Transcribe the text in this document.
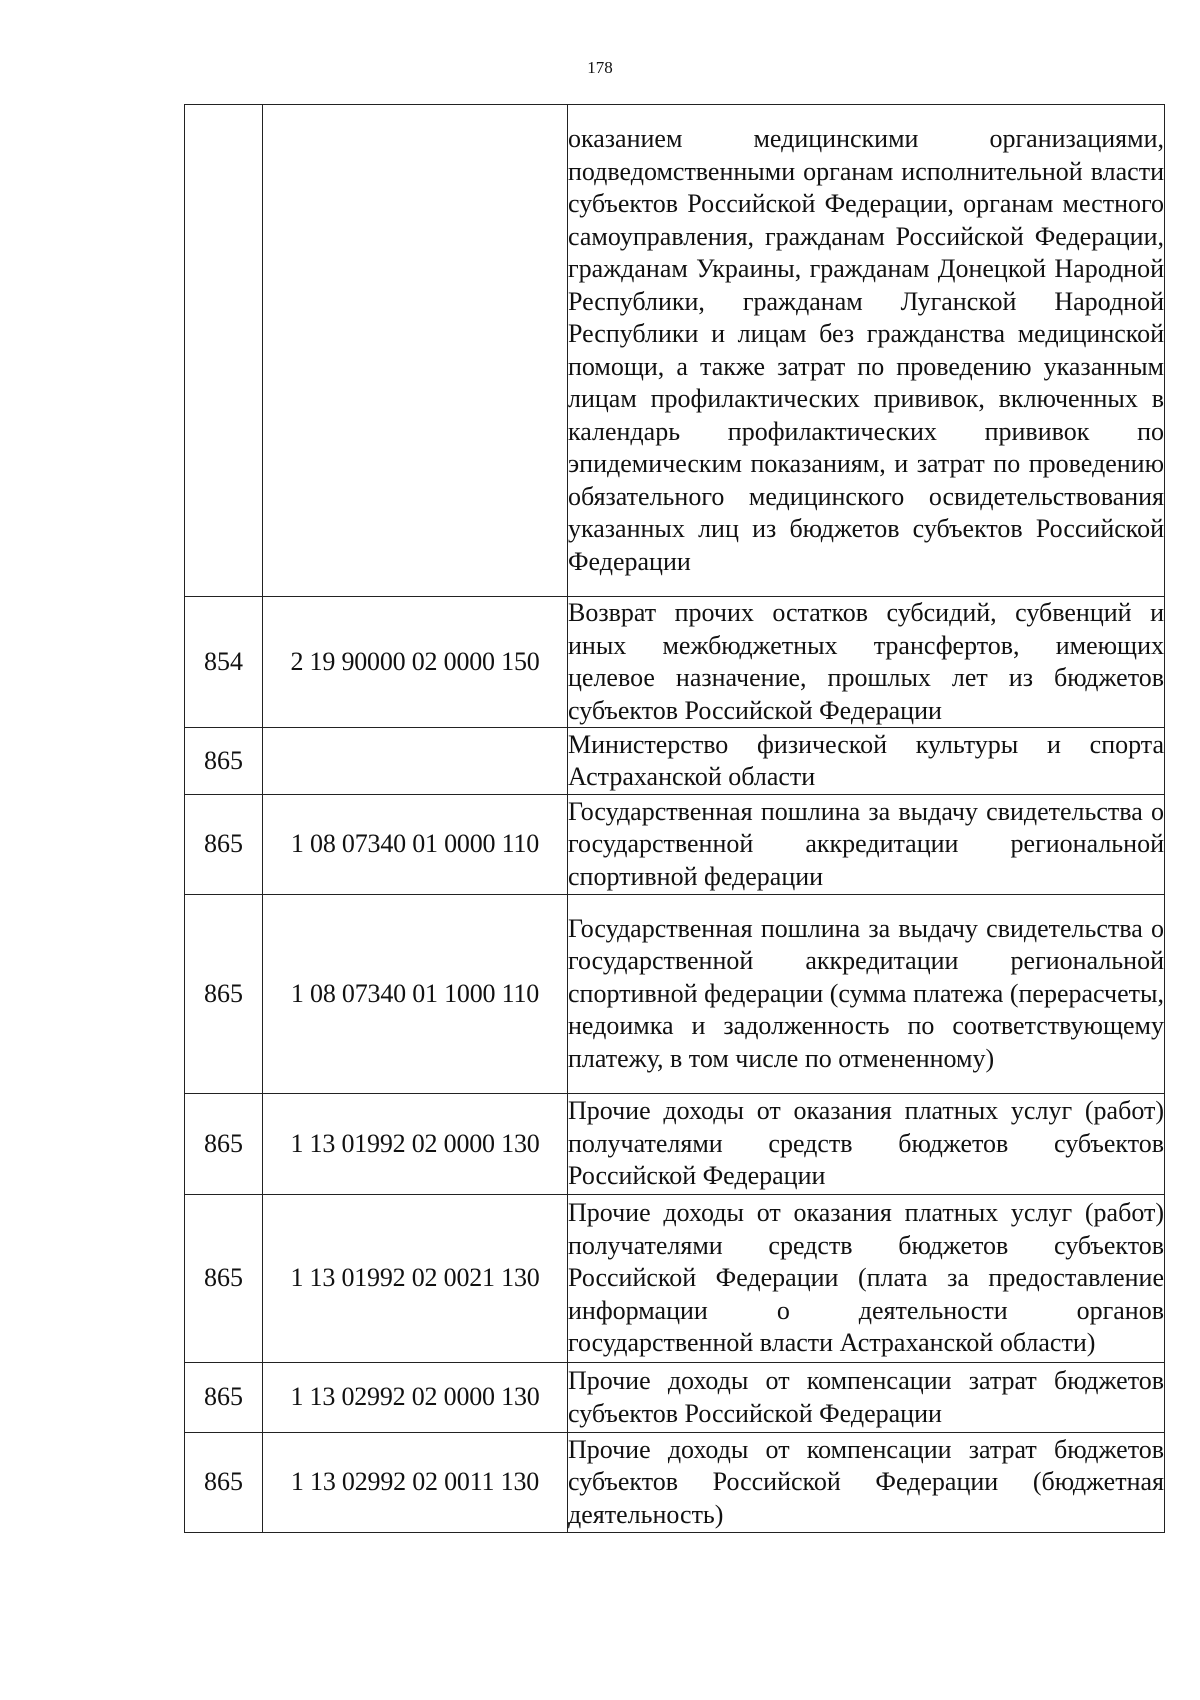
178
		оказанием медицинскими организациями, подведомственными органам исполнительной власти субъектов Российской Федерации, органам местного самоуправления, гражданам Российской Федерации, гражданам Украины, гражданам Донецкой Народной Республики, гражданам Луганской Народной Республики и лицам без гражданства медицинской помощи, а также затрат по проведению указанным лицам профилактических прививок, включенных в календарь профилактических прививок по эпидемическим показаниям, и затрат по проведению обязательного медицинского освидетельствования указанных лиц из бюджетов субъектов Российской Федерации
854	2 19 90000 02 0000 150	Возврат прочих остатков субсидий, субвенций и иных межбюджетных трансфертов, имеющих целевое назначение, прошлых лет из бюджетов субъектов Российской Федерации
865		Министерство физической культуры и спорта Астраханской области
865	1 08 07340 01 0000 110	Государственная пошлина за выдачу свидетельства о государственной аккредитации региональной спортивной федерации
865	1 08 07340 01 1000 110	Государственная пошлина за выдачу свидетельства о государственной аккредитации региональной спортивной федерации (сумма платежа (перерасчеты, недоимка и задолженность по соответствующему платежу, в том числе по отмененному)
865	1 13 01992 02 0000 130	Прочие доходы от оказания платных услуг (работ) получателями средств бюджетов субъектов Российской Федерации
865	1 13 01992 02 0021 130	Прочие доходы от оказания платных услуг (работ) получателями средств бюджетов субъектов Российской Федерации (плата за предоставление информации о деятельности органов государственной власти Астраханской области)
865	1 13 02992 02 0000 130	Прочие доходы от компенсации затрат бюджетов субъектов Российской Федерации
865	1 13 02992 02 0011 130	Прочие доходы от компенсации затрат бюджетов субъектов Российской Федерации (бюджетная деятельность)
